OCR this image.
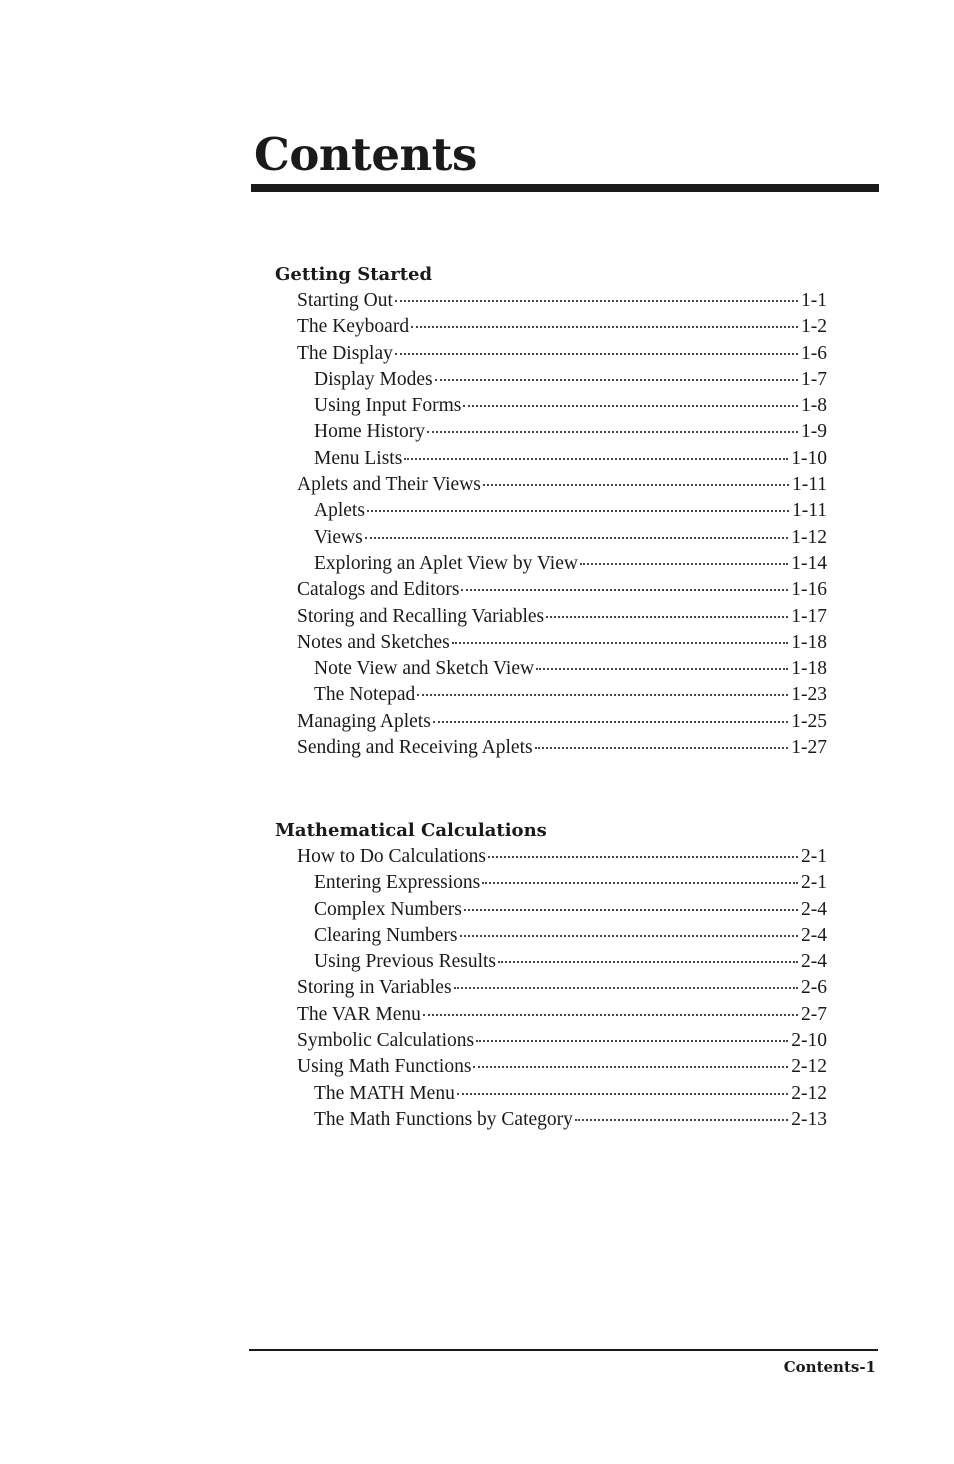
Contents
Getting Started
Starting Out	1-1
The Keyboard	1-2
The Display	1-6
Display Modes	1-7
Using Input Forms	1-8
Home History	1-9
Menu Lists	1-10
Aplets and Their Views	1-11
Aplets	1-11
Views	1-12
Exploring an Aplet View by View	1-14
Catalogs and Editors	1-16
Storing and Recalling Variables	1-17
Notes and Sketches	1-18
Note View and Sketch View	1-18
The Notepad	1-23
Managing Aplets	1-25
Sending and Receiving Aplets	1-27
Mathematical Calculations
How to Do Calculations	2-1
Entering Expressions	2-1
Complex Numbers	2-4
Clearing Numbers	2-4
Using Previous Results	2-4
Storing in Variables	2-6
The VAR Menu	2-7
Symbolic Calculations	2-10
Using Math Functions	2-12
The MATH Menu	2-12
The Math Functions by Category	2-13
Contents-1
